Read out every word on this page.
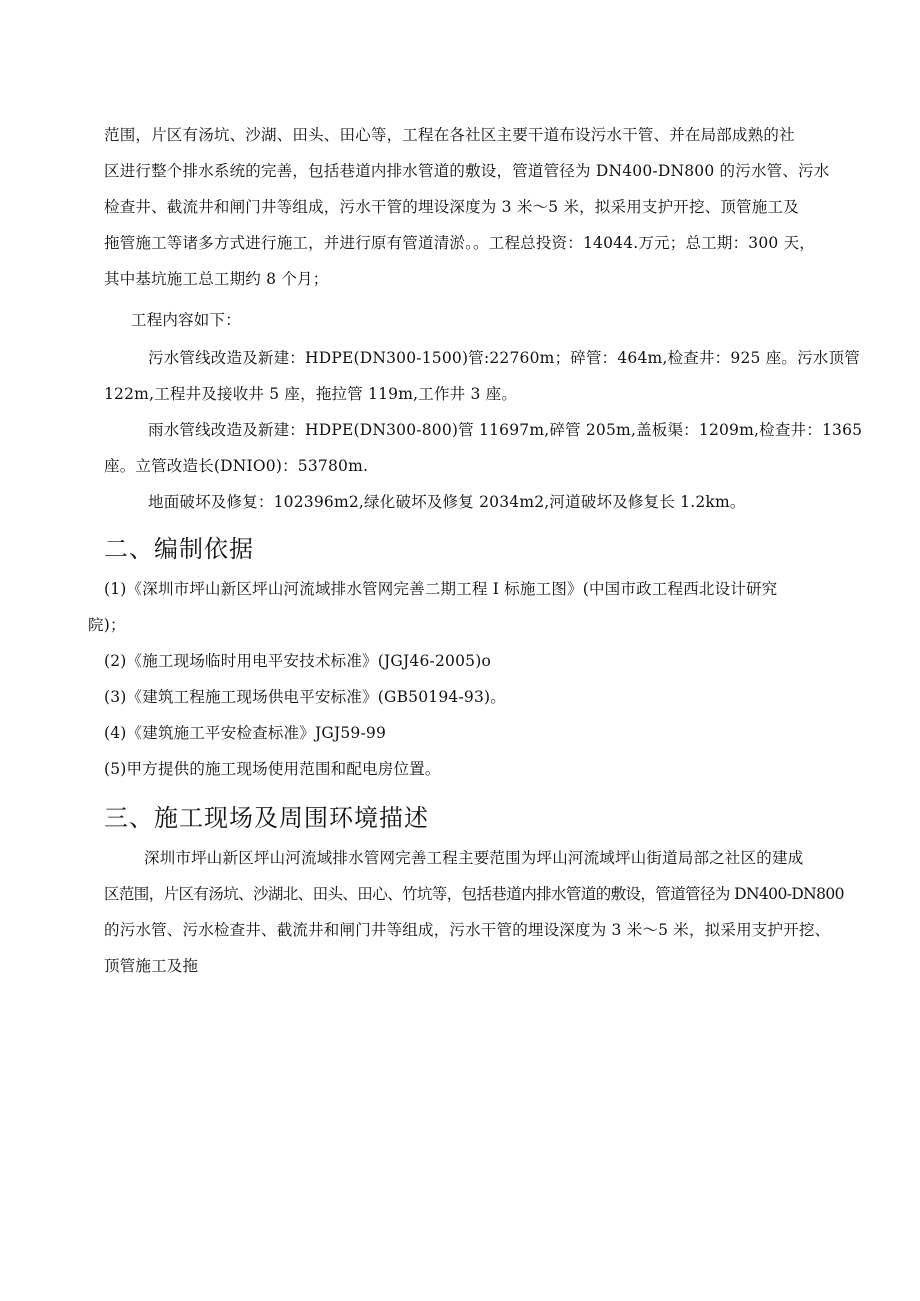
范围，片区有汤坑、沙湖、田头、田心等，工程在各社区主要干道布设污水干管、并在局部成熟的社
区进行整个排水系统的完善，包括巷道内排水管道的敷设，管道管径为 DN400-DN800 的污水管、污水
检查井、截流井和闸门井等组成，污水干管的埋设深度为 3 米～5 米，拟采用支护开挖、顶管施工及
拖管施工等诸多方式进行施工，并进行原有管道清淤。。工程总投资：14044.万元；总工期：300 天，
其中基坑施工总工期约 8 个月；
工程内容如下：
污水管线改造及新建：HDPE(DN300-1500)管:22760m；碎管：464m,检查井：925 座。污水顶管
122m,工程井及接收井 5 座，拖拉管 119m,工作井 3 座。
雨水管线改造及新建：HDPE(DN300-800)管 11697m,碎管 205m,盖板渠：1209m,检查井：1365
座。立管改造长(DNIO0)：53780m.
地面破坏及修复：102396m2,绿化破坏及修复 2034m2,河道破坏及修复长 1.2km。
二、编制依据
(1)《深圳市坪山新区坪山河流域排水管网完善二期工程 I 标施工图》(中国市政工程西北设计研究
院)；
(2)《施工现场临时用电平安技术标准》(JGJ46-2005)o
(3)《建筑工程施工现场供电平安标准》(GB50194-93)。
(4)《建筑施工平安检查标准》JGJ59-99
(5)甲方提供的施工现场使用范围和配电房位置。
三、施工现场及周围环境描述
深圳市坪山新区坪山河流域排水管网完善工程主要范围为坪山河流域坪山街道局部之社区的建成
区范围，片区有汤坑、沙湖北、田头、田心、竹坑等，包括巷道内排水管道的敷设，管道管径为 DN400-DN800
的污水管、污水检查井、截流井和闸门井等组成，污水干管的埋设深度为 3 米～5 米，拟采用支护开挖、
顶管施工及拖
